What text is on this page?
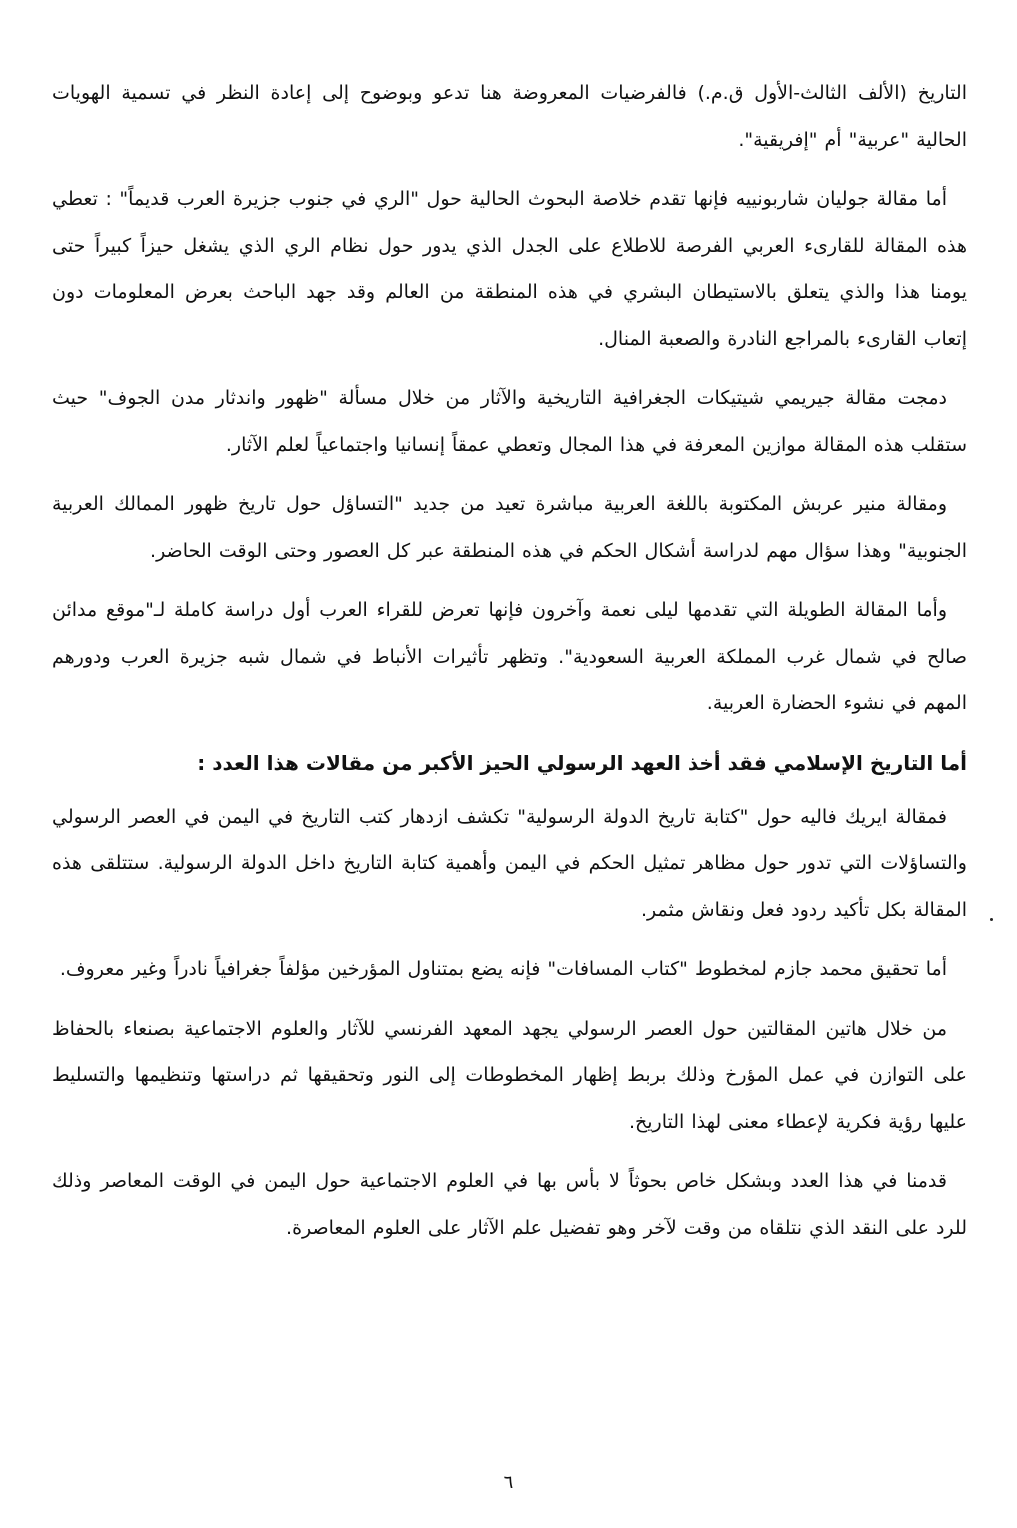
التاريخ (الألف الثالث-الأول ق.م.) فالفرضيات المعروضة هنا تدعو وبوضوح إلى إعادة النظر في تسمية الهويات الحالية "عربية" أم "إفريقية".

أما مقالة جوليان شاربونييه فإنها تقدم خلاصة البحوث الحالية حول "الري في جنوب جزيرة العرب قديماً" : تعطي هذه المقالة للقارىء العربي الفرصة للاطلاع على الجدل الذي يدور حول نظام الري الذي يشغل حيزاً كبيراً حتى يومنا هذا والذي يتعلق بالاستيطان البشري في هذه المنطقة من العالم وقد جهد الباحث بعرض المعلومات دون إتعاب القارىء بالمراجع النادرة والصعبة المنال.

دمجت مقالة جيريمي شيتيكات الجغرافية التاريخية والآثار من خلال مسألة "ظهور واندثار مدن الجوف" حيث ستقلب هذه المقالة موازين المعرفة في هذا المجال وتعطي عمقاً إنسانيا واجتماعياً لعلم الآثار.

ومقالة منير عربش المكتوبة باللغة العربية مباشرة تعيد من جديد "التساؤل حول تاريخ ظهور الممالك العربية الجنوبية" وهذا سؤال مهم لدراسة أشكال الحكم في هذه المنطقة عبر كل العصور وحتى الوقت الحاضر.

وأما المقالة الطويلة التي تقدمها ليلى نعمة وآخرون فإنها تعرض للقراء العرب أول دراسة كاملة لـ"موقع مدائن صالح في شمال غرب المملكة العربية السعودية". وتظهر تأثيرات الأنباط في شمال شبه جزيرة العرب ودورهم المهم في نشوء الحضارة العربية.

أما التاريخ الإسلامي فقد أخذ العهد الرسولي الحيز الأكبر من مقالات هذا العدد :

فمقالة ايريك فاليه حول "كتابة تاريخ الدولة الرسولية" تكشف ازدهار كتب التاريخ في اليمن في العصر الرسولي والتساؤلات التي تدور حول مظاهر تمثيل الحكم في اليمن وأهمية كتابة التاريخ داخل الدولة الرسولية. ستتلقى هذه المقالة بكل تأكيد ردود فعل ونقاش مثمر.

أما تحقيق محمد جازم لمخطوط "كتاب المسافات" فإنه يضع بمتناول المؤرخين مؤلفاً جغرافياً نادراً وغير معروف.

من خلال هاتين المقالتين حول العصر الرسولي يجهد المعهد الفرنسي للآثار والعلوم الاجتماعية بصنعاء بالحفاظ على التوازن في عمل المؤرخ وذلك بربط إظهار المخطوطات إلى النور وتحقيقها ثم دراستها وتنظيمها والتسليط عليها رؤية فكرية لإعطاء معنى لهذا التاريخ.

قدمنا في هذا العدد وبشكل خاص بحوثاً لا بأس بها في العلوم الاجتماعية حول اليمن في الوقت المعاصر وذلك للرد على النقد الذي نتلقاه من وقت لآخر وهو تفضيل علم الآثار على العلوم المعاصرة.

٦
